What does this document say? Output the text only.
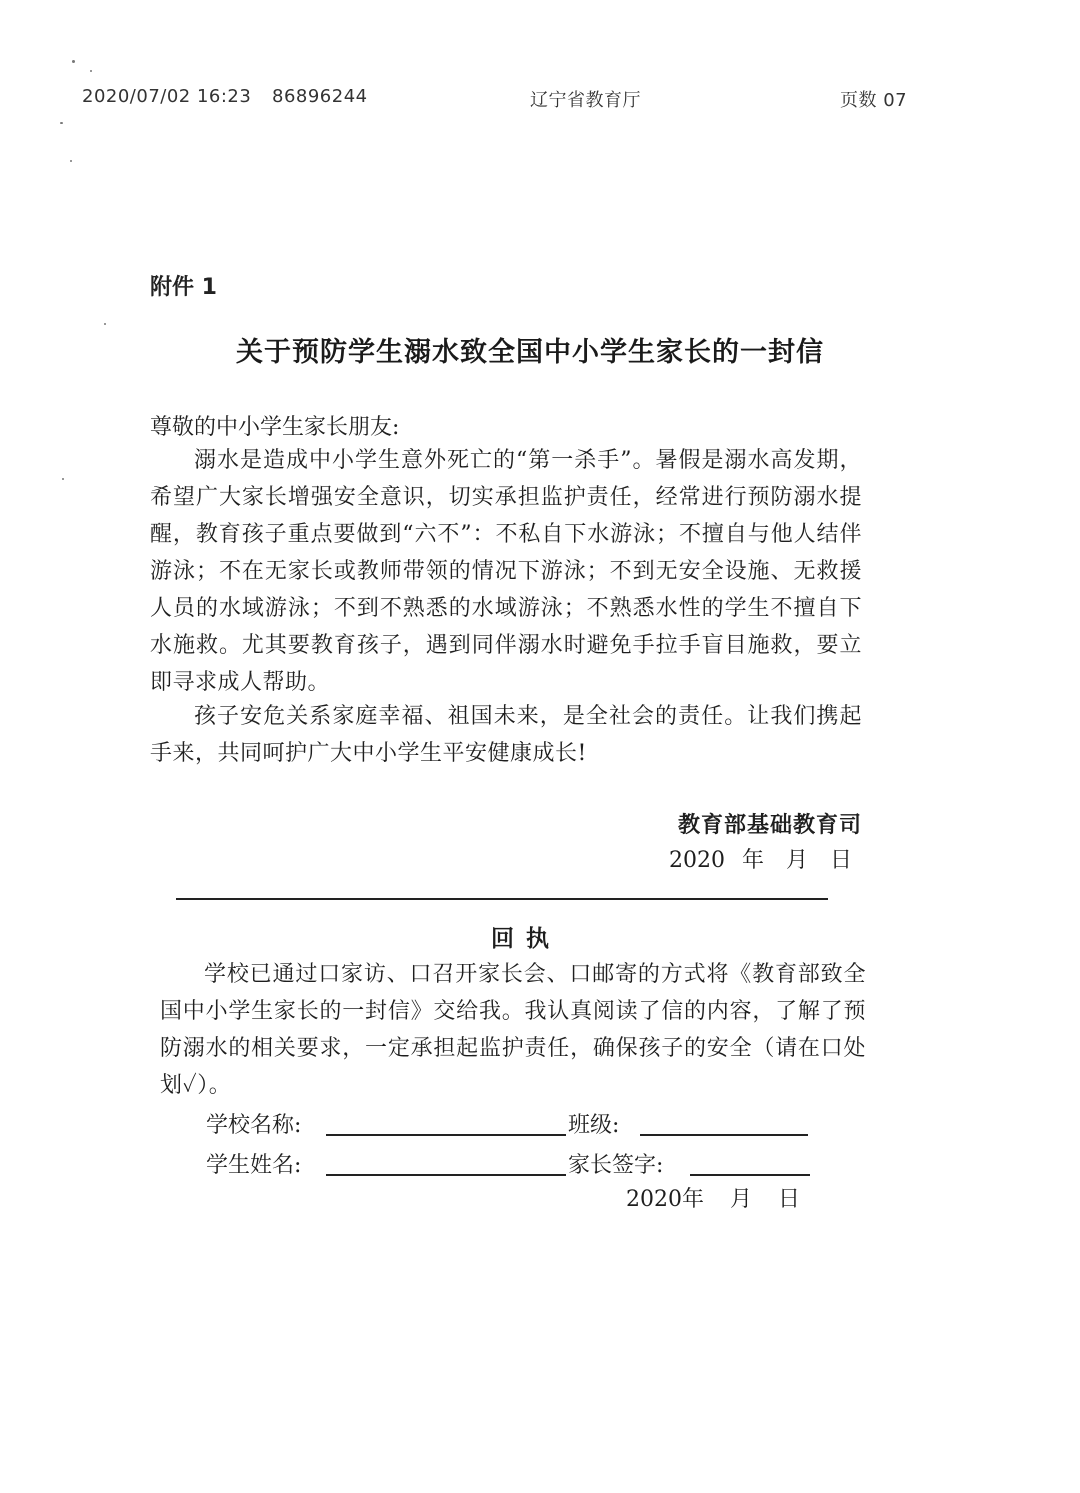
2020/07/02 16:23 86896244	辽宁省教育厅	页数 07
附件 1
关于预防学生溺水致全国中小学生家长的一封信
尊敬的中小学生家长朋友:
溺水是造成中小学生意外死亡的“第一杀手”。暑假是溺水高发期，希望广大家长增强安全意识，切实承担监护责任，经常进行预防溺水提醒，教育孩子重点要做到“六不”：不私自下水游泳；不擅自与他人结伴游泳；不在无家长或教师带领的情况下游泳；不到无安全设施、无救援人员的水域游泳；不到不熟悉的水域游泳；不熟悉水性的学生不擅自下水施救。尤其要教育孩子，遇到同伴溺水时避免手拉手盲目施救，要立即寻求成人帮助。
孩子安危关系家庭幸福、祖国未来，是全社会的责任。让我们携起手来，共同呵护广大中小学生平安健康成长!
教育部基础教育司
2020 年 月 日
回执
学校已通过口家访、口召开家长会、口邮寄的方式将《教育部致全国中小学生家长的一封信》交给我。我认真阅读了信的内容，了解了预防溺水的相关要求，一定承担起监护责任，确保孩子的安全（请在口处划✓）。
学校名称:	班级:
学生姓名:	家长签字:
2020年 月 日
